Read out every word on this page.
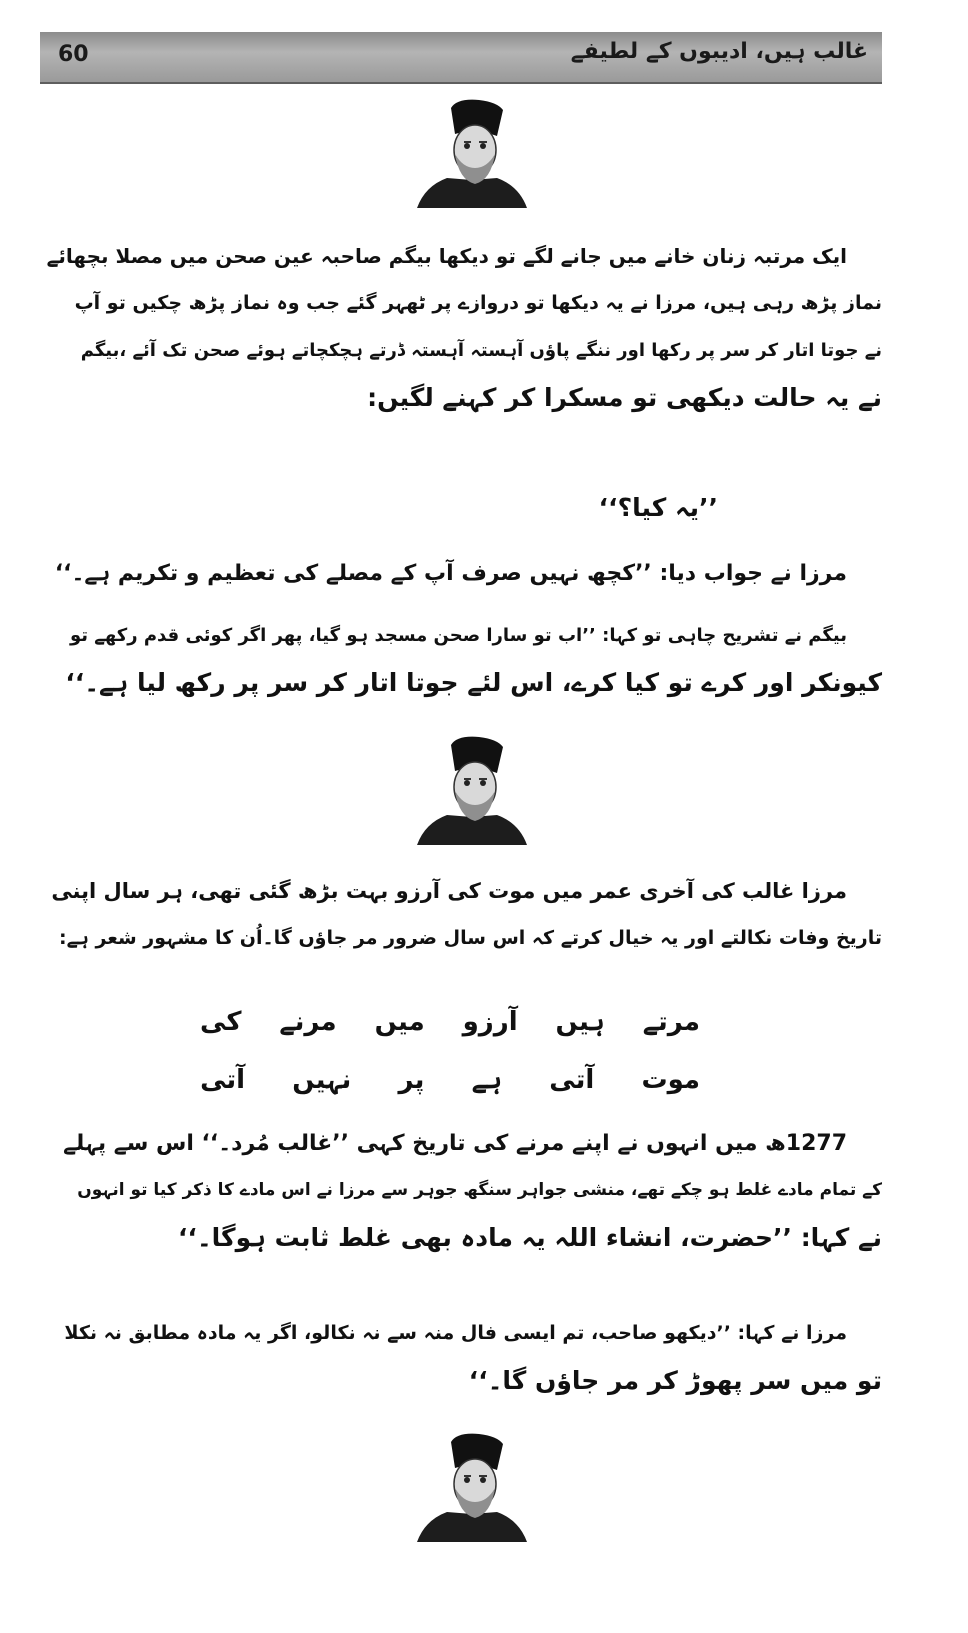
60	غالب ہیں، ادیبوں کے لطیفے
ایک مرتبہ زنان خانے میں جانے لگے تو دیکھا بیگم صاحبہ عین صحن میں مصلا بچھائے
نماز پڑھ رہی ہیں، مرزا نے یہ دیکھا تو دروازے پر ٹھہر گئے جب وہ نماز پڑھ چکیں تو آپ
نے جوتا اتار کر سر پر رکھا اور ننگے پاؤں آہستہ آہستہ ڈرتے ہچکچاتے ہوئے صحن تک آئے ،بیگم
نے یہ حالت دیکھی تو مسکرا کر کہنے لگیں:
’’یہ کیا؟‘‘
مرزا نے جواب دیا: ’’کچھ نہیں صرف آپ کے مصلے کی تعظیم و تکریم ہے۔‘‘
بیگم نے تشریح چاہی تو کہا: ’’اب تو سارا صحن مسجد ہو گیا، پھر اگر کوئی قدم رکھے تو
کیونکر اور کرے تو کیا کرے، اس لئے جوتا اتار کر سر پر رکھ لیا ہے۔‘‘
مرزا غالب کی آخری عمر میں موت کی آرزو بہت بڑھ گئی تھی، ہر سال اپنی
تاریخ وفات نکالتے اور یہ خیال کرتے کہ اس سال ضرور مر جاؤں گا۔اُن کا مشہور شعر ہے:
مرتے
ہیں
آرزو
میں
مرنے
کی
موت
آتی
ہے
پر
نہیں
آتی
1277ھ میں انہوں نے اپنے مرنے کی تاریخ کہی ’’غالب مُرد۔‘‘ اس سے پہلے
کے تمام مادے غلط ہو چکے تھے، منشی جواہر سنگھ جوہر سے مرزا نے اس مادے کا ذکر کیا تو انہوں
نے کہا: ’’حضرت، انشاء اللہ یہ مادہ بھی غلط ثابت ہوگا۔‘‘
مرزا نے کہا: ’’دیکھو صاحب، تم ایسی فال منہ سے نہ نکالو، اگر یہ مادہ مطابق نہ نکلا
تو میں سر پھوڑ کر مر جاؤں گا۔‘‘
